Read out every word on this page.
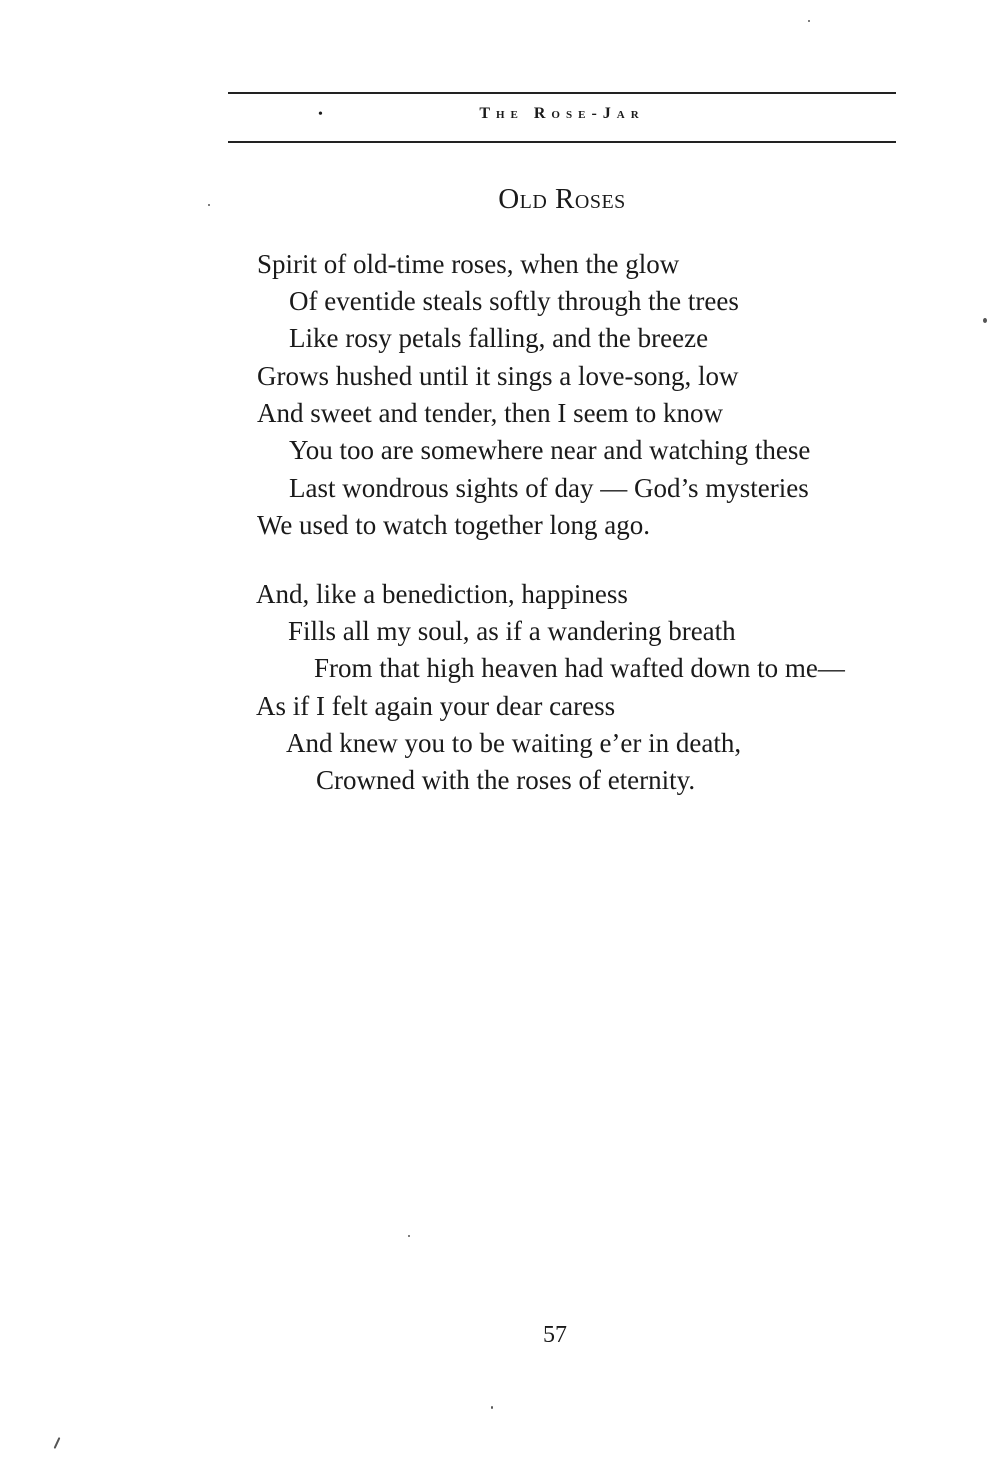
•	The Rose-Jar
Old Roses
Spirit of old-time roses, when the glow
Of eventide steals softly through the trees
Like rosy petals falling, and the breeze
Grows hushed until it sings a love-song, low
And sweet and tender, then I seem to know
You too are somewhere near and watching these
Last wondrous sights of day — God’s mysteries
We used to watch together long ago.
And, like a benediction, happiness
Fills all my soul, as if a wandering breath
From that high heaven had wafted down to me—
As if I felt again your dear caress
And knew you to be waiting e’er in death,
Crowned with the roses of eternity.
57
